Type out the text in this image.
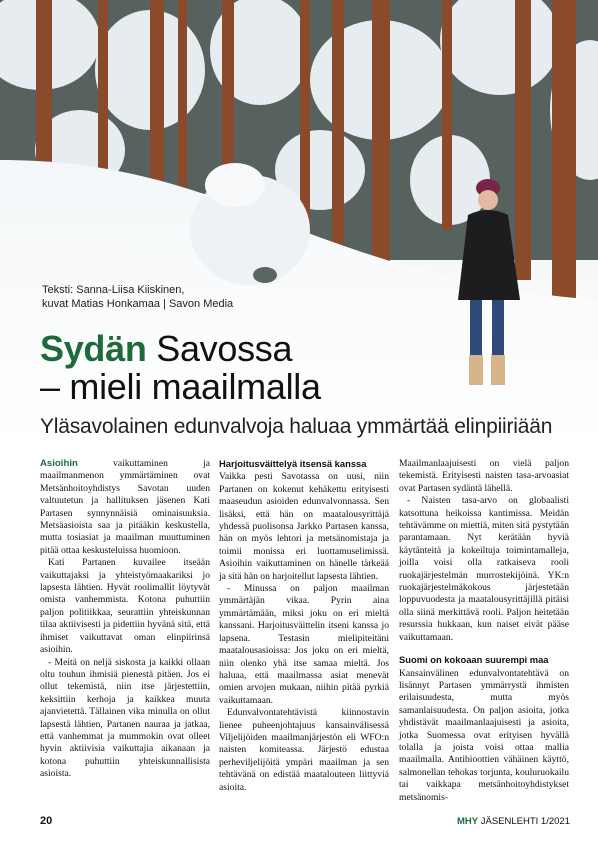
Teksti: Sanna-Liisa Kiiskinen,
kuvat Matias Honkamaa | Savon Media
Sydän Savossa
– mieli maailmalla
Yläsavolainen edunvalvoja haluaa ymmärtää elinpiiriään

Asioihin vaikuttaminen ja maailmanmenon ymmärtäminen ovat Metsänhoitoyhdistys Savotan uuden valtuutetun ja hallituksen jäsenen Kati Partasen synnynnäisiä ominaisuuksia. Metsäasioista saa ja pitääkin keskustella, mutta tosiasiat ja maailman muuttuminen pitää ottaa keskusteluissa huomioon.

Kati Partanen kuvailee itseään vaikuttajaksi ja yhteistyömaakariksi jo lapsesta lähtien. Hyvät roolimallit löytyvät omista vanhemmista. Kotona puhuttiin paljon politiikkaa, seurattiin yhteiskunnan tilaa aktiivisesti ja pidettiin hyvänä sitä, että ihmiset vaikuttavat oman elinpiirinsä asioihin.

- Meitä on neljä siskosta ja kaikki ollaan oltu touhun ihmisiä pienestä pitäen. Jos ei ollut tekemistä, niin itse järjestettiin, keksittiin kerhoja ja kaikkea muuta ajanvietettä. Tällainen vika minulla on ollut lapsestä lähtien, Partanen nauraa ja jatkaa, että vanhemmat ja mummokin ovat olleet hyvin aktiivisia vaikuttajia aikanaan ja kotona puhuttiin yhteiskunnallisista asioista.

Harjoitusväittelyä itsensä kanssa

Vaikka pesti Savotassa on uusi, niin Partanen on kokenut kehäkettu erityisesti maaseudun asioiden edunvalvonnassa. Sen lisäksi, että hän on maatalousyrittäjä yhdessä puolisonsa Jarkko Partasen kanssa, hän on myös lehtori ja metsänomistaja ja toimii monissa eri luottamuselimissä. Asioihin vaikuttaminen on hänelle tärkeää ja sitä hän on harjoitellut lapsesta lähtien.

- Minussa on paljon maailman ymmärtäjän vikaa. Pyrin aina ymmärtämään, miksi joku on eri mieltä kanssani. Harjoitusväittelin itseni kanssa jo lapsena. Testasin mielipiteitäni maatalousasioissa: Jos joku on eri mieltä, niin olenko yhä itse samaa mieltä. Jos haluaa, että maailmassa asiat menevät omien arvojen mukaan, niihin pitää pyrkiä vaikuttamaan.

Edunvalvontatehtävistä kiinnostavin lienee puheenjohtajuus kansainvälisessä Viljelijöiden maailmanjärjestön eli WFO:n naisten komiteassa. Järjestö edustaa perheviljelijöitä ympäri maailman ja sen tehtävänä on edistää maatalouteen liittyviä asioita.

Maailmanlaajuisesti on vielä paljon tekemistä. Erityisesti naisten tasa-arvoasiat ovat Partasen sydäntä lähellä.

- Naisten tasa-arvo on globaalisti katsottuna heikoissa kantimissa. Meidän tehtävämme on miettiä, miten sitä pystytään parantamaan. Nyt kerätään hyviä käytänteitä ja kokeiltuja toimintamalleja, joilla voisi olla ratkaiseva rooli ruokajärjestelmän murrostekijöinä. YK:n ruokajärjestelmäkokous järjestetään loppuvuodesta ja maatalousyrittäjillä pitäisi olla siinä merkittävä rooli. Paljon heitetään resurssia hukkaan, kun naiset eivät pääse vaikuttamaan.

Suomi on kokoaan suurempi maa

Kansainvälinen edunvalvontatehtävä on lisännyt Partasen ymmärrystä ihmisten erilaisuudesta, mutta myös samanlaisuudesta. On paljon asioita, jotka yhdistävät maailmanlaajuisesti ja asioita, jotka Suomessa ovat erityisen hyvällä tolalla ja joista voisi ottaa mallia maailmalla. Antibioottien vähäinen käyttö, salmonellan tehokas torjunta, kouluruokailu tai vaikkapa metsänhoitoyhdistykset metsänomis-

20	MHY JÄSENLEHTI 1/2021
